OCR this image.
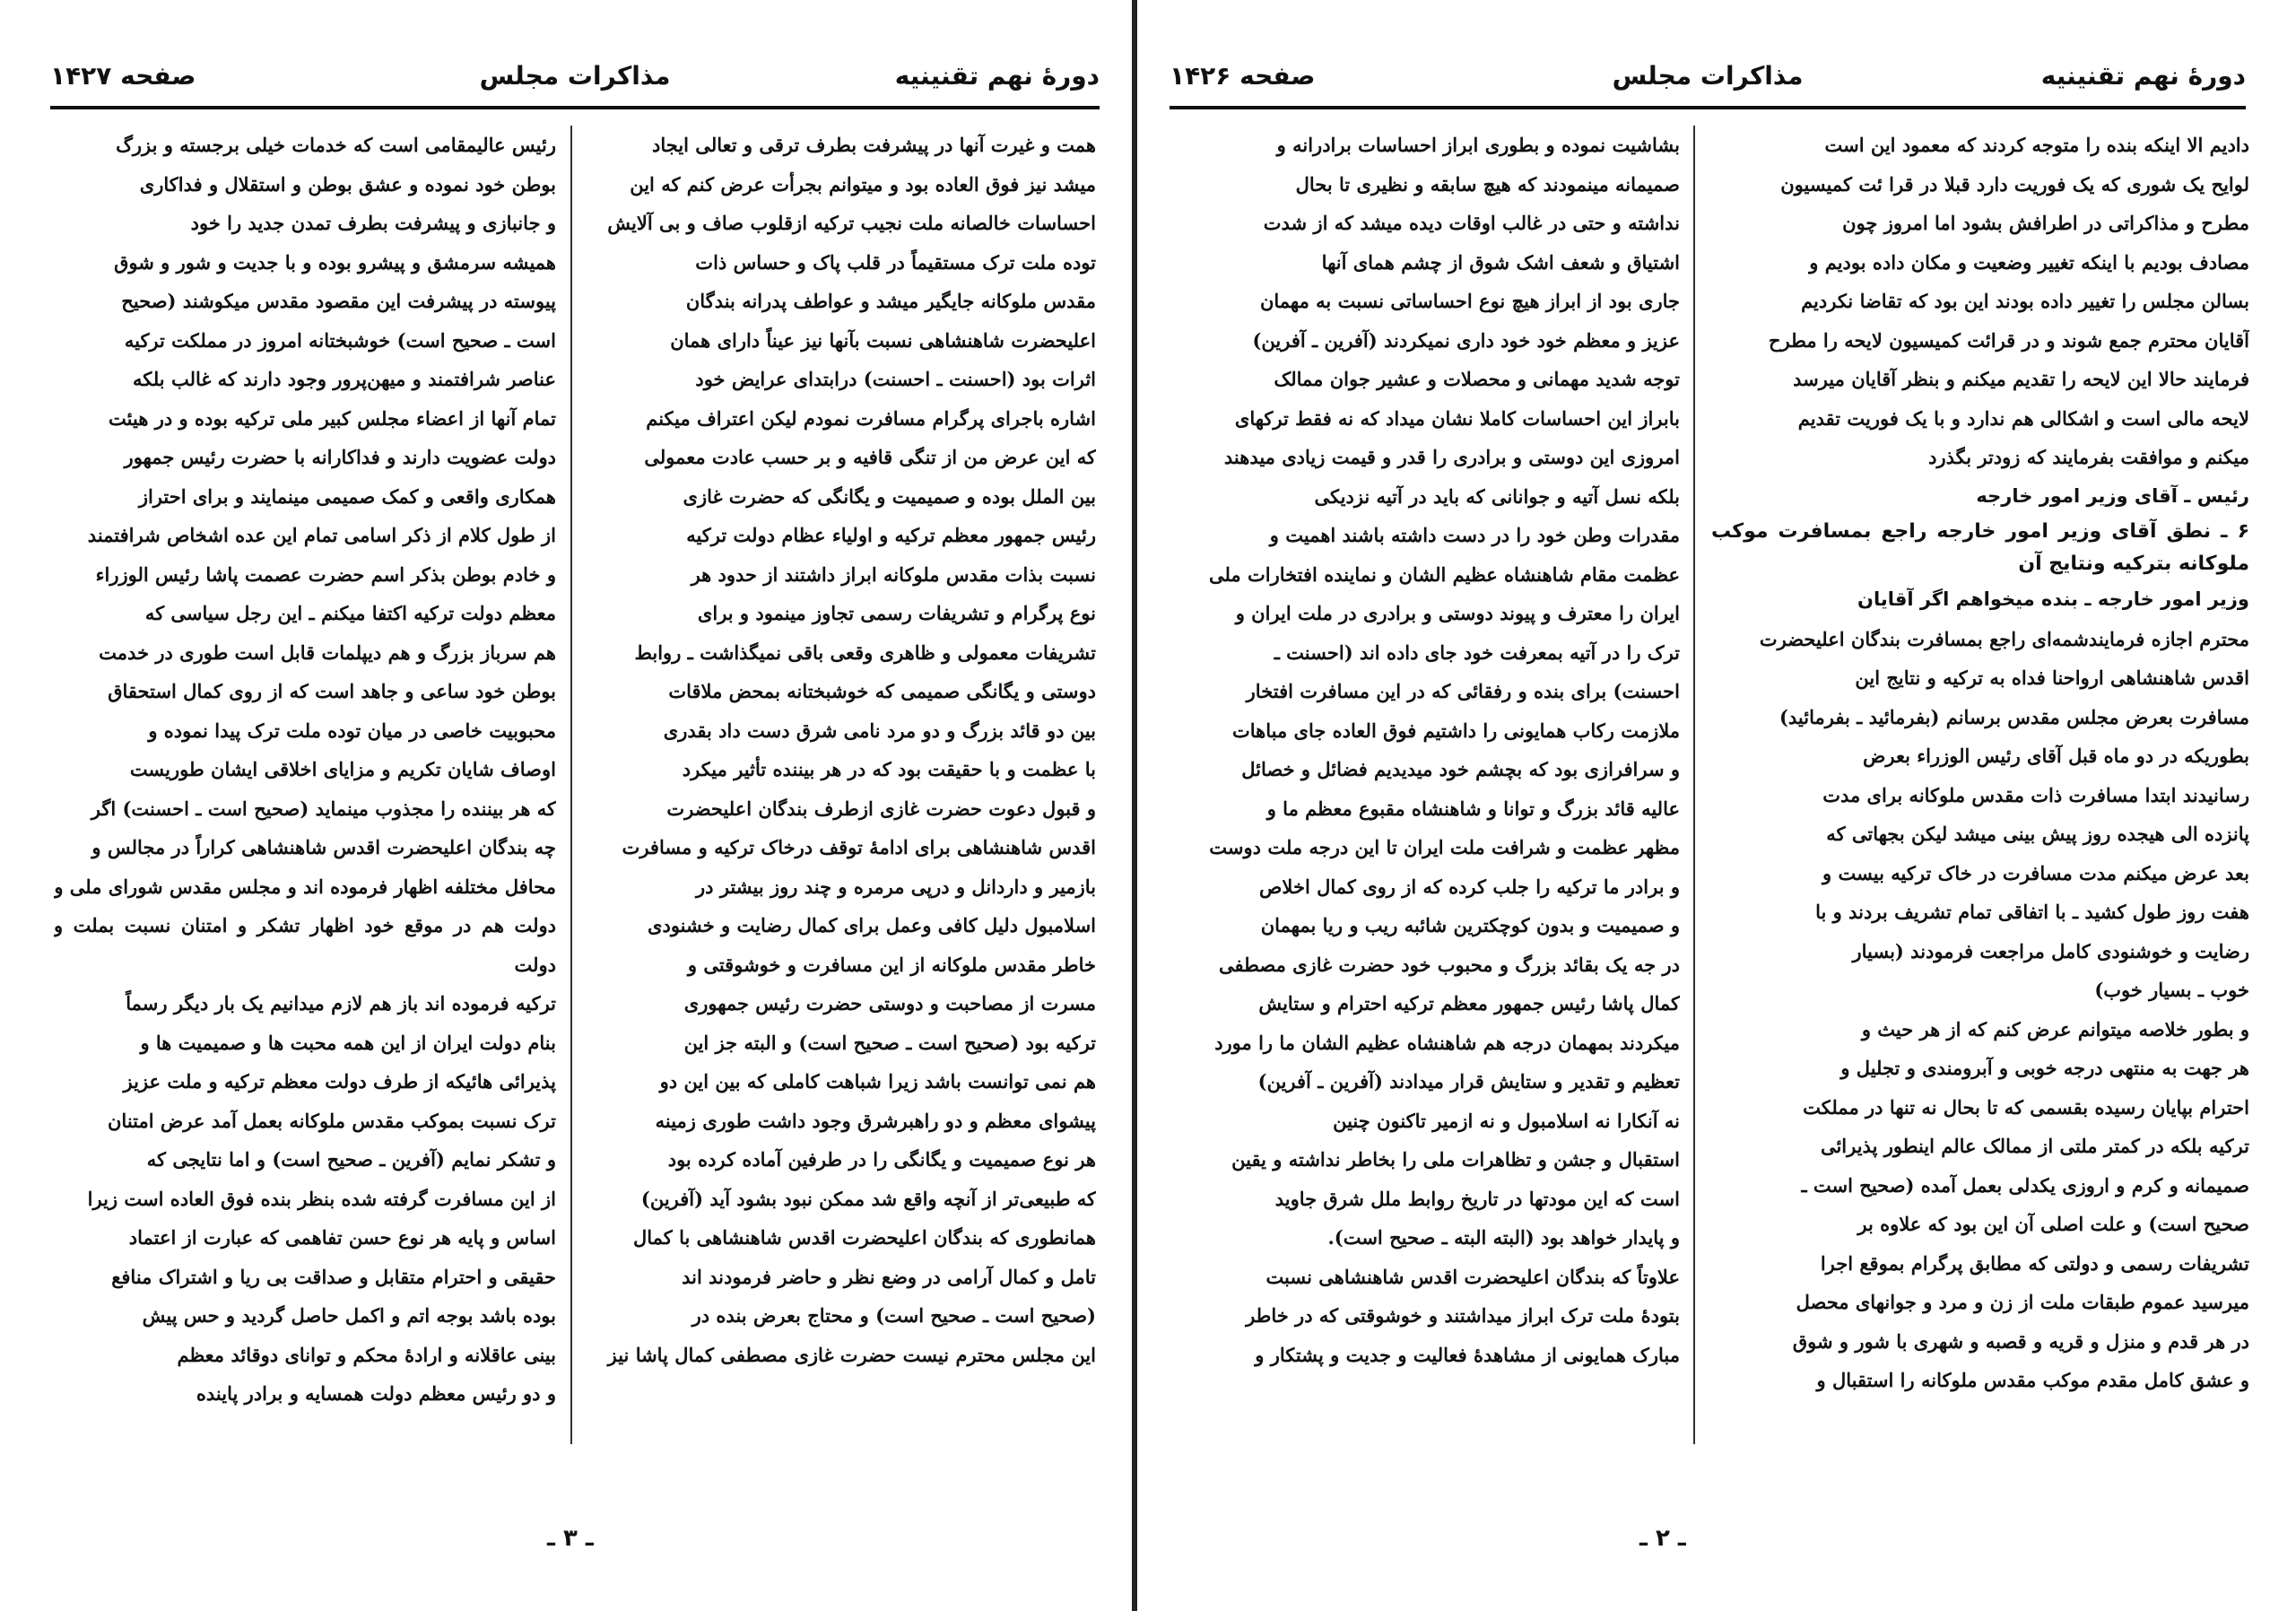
دورهٔ نهم تقنینیه
مذاکرات مجلس
صفحه ۱۴۲۷

همت و غیرت آنها در پیشرفت بطرف ترقی و تعالی ایجاد

میشد نیز فوق العاده بود و میتوانم بجرأت عرض کنم که این

احساسات خالصانه ملت نجیب ترکیه ازقلوب صاف و بی آلایش

توده ملت ترک مستقیماً در قلب پاک و حساس ذات

مقدس ملوکانه جایگیر میشد و عواطف پدرانه بندگان

اعلیحضرت شاهنشاهی نسبت بآنها نیز عیناً دارای همان

اثرات بود (احسنت ـ احسنت) درابتدای عرایض خود

اشاره باجرای پرگرام مسافرت نمودم لیکن اعتراف میکنم

که این عرض من از تنگی قافیه و بر حسب عادت معمولی

بین الملل بوده و صمیمیت و یگانگی که حضرت غازی

رئیس جمهور معظم ترکیه و اولیاء عظام دولت ترکیه

نسبت بذات مقدس ملوکانه ابراز داشتند از حدود هر

نوع پرگرام و تشریفات رسمی تجاوز مینمود و برای

تشریفات معمولی و ظاهری وقعی باقی نمیگذاشت ـ روابط

دوستی و یگانگی صمیمی که خوشبختانه بمحض ملاقات

بین دو قائد بزرگ و دو مرد نامی شرق دست داد بقدری

با عظمت و با حقیقت بود که در هر بیننده تأثیر میکرد

و قبول دعوت حضرت غازی ازطرف بندگان اعلیحضرت

اقدس شاهنشاهی برای ادامهٔ توقف درخاک ترکیه و مسافرت

بازمیر و داردانل و درپی مرمره و چند روز بیشتر در

اسلامبول دلیل کافی وعمل برای کمال رضایت و خشنودی

خاطر مقدس ملوکانه از این مسافرت و خوشوقتی و

مسرت از مصاحبت و دوستی حضرت رئیس جمهوری

ترکیه بود (صحیح است ـ صحیح است) و البته جز این

هم نمی توانست باشد زیرا شباهت کاملی که بین این دو

پیشوای معظم و دو راهبرشرق وجود داشت طوری زمینه

هر نوع صمیمیت و یگانگی را در طرفین آماده کرده بود

که طبیعی‌تر از آنچه واقع شد ممکن نبود بشود آید (آفرین)

همانطوری که بندگان اعلیحضرت اقدس شاهنشاهی با کمال

تامل و کمال آرامی در وضع نظر و حاضر فرمودند اند

(صحیح است ـ صحیح است) و محتاج بعرض بنده در

این مجلس محترم نیست حضرت غازی مصطفی کمال پاشا نیز

رئیس عالیمقامی است که خدمات خیلی برجسته و بزرگ

بوطن خود نموده و عشق بوطن و استقلال و فداکاری

و جانبازی و پیشرفت بطرف تمدن جدید را خود

همیشه سرمشق و پیشرو بوده و با جدیت و شور و شوق

پیوسته در پیشرفت این مقصود مقدس میکوشند (صحیح

است ـ صحیح است) خوشبختانه امروز در مملکت ترکیه

عناصر شرافتمند و میهن‌پرور وجود دارند که غالب بلکه

تمام آنها از اعضاء مجلس کبیر ملی ترکیه بوده و در هیئت

دولت عضویت دارند و فداکارانه با حضرت رئیس جمهور

همکاری واقعی و کمک صمیمی مینمایند و برای احتراز

از طول کلام از ذکر اسامی تمام این عده اشخاص شرافتمند

و خادم بوطن بذکر اسم حضرت عصمت پاشا رئیس الوزراء

معظم دولت ترکیه اکتفا میکنم ـ این رجل سیاسی که

هم سرباز بزرگ و هم دیپلمات قابل است طوری در خدمت

بوطن خود ساعی و جاهد است که از روی کمال استحقاق

محبوبیت خاصی در میان توده ملت ترک پیدا نموده و

اوصاف شایان تکریم و مزایای اخلاقی ایشان طوریست

که هر بیننده را مجذوب مینماید (صحیح است ـ احسنت) اگر

چه بندگان اعلیحضرت اقدس شاهنشاهی کراراً در مجالس و

محافل مختلفه اظهار فرموده اند و مجلس مقدس شورای ملی و

دولت هم در موقع خود اظهار تشکر و امتنان نسبت بملت و دولت

ترکیه فرموده اند باز هم لازم میدانیم یک بار دیگر رسماً

بنام دولت ایران از این همه محبت ها و صمیمیت ها و

پذیرائی هائیکه از طرف دولت معظم ترکیه و ملت عزیز

ترک نسبت بموکب مقدس ملوکانه بعمل آمد عرض امتنان

و تشکر نمایم (آفرین ـ صحیح است) و اما نتایجی که

از این مسافرت گرفته شده بنظر بنده فوق العاده است زیرا

اساس و پایه هر نوع حسن تفاهمی که عبارت از اعتماد

حقیقی و احترام متقابل و صداقت بی ریا و اشتراک منافع

بوده باشد بوجه اتم و اکمل حاصل گردید و حس پیش

بینی عاقلانه و ارادهٔ محکم و توانای دوقائد معظم

و دو رئیس معظم دولت همسایه و برادر پاینده

ـ ۳ ـ
دورهٔ نهم تقنینیه
مذاکرات مجلس
صفحه ۱۴۲۶

دادیم الا اینکه بنده را متوجه کردند که معمود این است

لوایح یک شوری که یک فوریت دارد قبلا در قرا ئت کمیسیون

مطرح و مذاکراتی در اطرافش بشود اما امروز چون

مصادف بودیم با اینکه تغییر وضعیت و مکان داده بودیم و

بسالن مجلس را تغییر داده بودند این بود که تقاضا نکردیم

آقایان محترم جمع شوند و در قرائت کمیسیون لایحه را مطرح

فرمایند حالا این لایحه را تقدیم میکنم و بنظر آقایان میرسد

لایحه مالی است و اشکالی هم ندارد و با یک فوریت تقدیم

میکنم و موافقت بفرمایند که زودتر بگذرد

رئیس ـ آقای وزیر امور خارجه

۶ ـ نطق آقای وزیر امور خارجه راجع بمسافرت موکب ملوکانه بترکیه ونتایج آن

وزیر امور خارجه ـ بنده میخواهم اگر آقایان

محترم اجازه فرمایندشمه‌ای راجع بمسافرت بندگان اعلیحضرت

اقدس شاهنشاهی ارواحنا فداه به ترکیه و نتایج این

مسافرت بعرض مجلس مقدس برسانم (بفرمائید ـ بفرمائید)

بطوریکه در دو ماه قبل آقای رئیس الوزراء بعرض

رسانیدند ابتدا مسافرت ذات مقدس ملوکانه برای مدت

پانزده الی هیجده روز پیش بینی میشد لیکن بجهاتی که

بعد عرض میکنم مدت مسافرت در خاک ترکیه بیست و

هفت روز طول کشید ـ با اتفاقی تمام تشریف بردند و با

رضایت و خوشنودی کامل مراجعت فرمودند (بسیار

خوب ـ بسیار خوب)

و بطور خلاصه میتوانم عرض کنم که از هر حیث و

هر جهت به منتهی درجه خوبی و آبرومندی و تجلیل و

احترام بپایان رسیده بقسمی که تا بحال نه تنها در مملکت

ترکیه بلکه در کمتر ملتی از ممالک عالم اینطور پذیرائی

صمیمانه و کرم و اروزی یکدلی بعمل آمده (صحیح است ـ

صحیح است) و علت اصلی آن این بود که علاوه بر

تشریفات رسمی و دولتی که مطابق پرگرام بموقع اجرا

میرسید عموم طبقات ملت از زن و مرد و جوانهای محصل

در هر قدم و منزل و قریه و قصبه و شهری با شور و شوق

و عشق کامل مقدم موکب مقدس ملوکانه را استقبال و

بشاشیت نموده و بطوری ابراز احساسات برادرانه و

صمیمانه مینمودند که هیچ سابقه و نظیری تا بحال

نداشته و حتی در غالب اوقات دیده میشد که از شدت

اشتیاق و شعف اشک شوق از چشم همای آنها

جاری بود از ابراز هیچ نوع احساساتی نسبت به مهمان

عزیز و معظم خود خود داری نمیکردند (آفرین ـ آفرین)

توجه شدید مهمانی و محصلات و عشیر جوان ممالک

بابراز این احساسات کاملا نشان میداد که نه فقط ترکهای

امروزی این دوستی و برادری را قدر و قیمت زیادی میدهند

بلکه نسل آتیه و جوانانی که باید در آتیه نزدیکی

مقدرات وطن خود را در دست داشته باشند اهمیت و

عظمت مقام شاهنشاه عظیم الشان و نماینده افتخارات ملی

ایران را معترف و پیوند دوستی و برادری در ملت ایران و

ترک را در آتیه بمعرفت خود جای داده اند (احسنت ـ

احسنت) برای بنده و رفقائی که در این مسافرت افتخار

ملازمت رکاب همایونی را داشتیم فوق العاده جای مباهات

و سرافرازی بود که بچشم خود میدیدیم فضائل و خصائل

عالیه قائد بزرگ و توانا و شاهنشاه مقبوع معظم ما و

مظهر عظمت و شرافت ملت ایران تا این درجه ملت دوست

و برادر ما ترکیه را جلب کرده که از روی کمال اخلاص

و صمیمیت و بدون کوچکترین شائبه ریب و ریا بمهمان

در جه یک بقائد بزرگ و محبوب خود حضرت غازی مصطفی

کمال پاشا رئیس جمهور معظم ترکیه احترام و ستایش

میکردند بمهمان درجه هم شاهنشاه عظیم الشان ما را مورد

تعظیم و تقدیر و ستایش قرار میدادند (آفرین ـ آفرین)

نه آنکارا نه اسلامبول و نه ازمیر تاکنون چنین

استقبال و جشن و تظاهرات ملی را بخاطر نداشته و یقین

است که این مودتها در تاریخ روابط ملل شرق جاوید

و پایدار خواهد بود (البته البته ـ صحیح است).

علاوتاً که بندگان اعلیحضرت اقدس شاهنشاهی نسبت

بتودهٔ ملت ترک ابراز میداشتند و خوشوقتی که در خاطر

مبارک همایونی از مشاهدهٔ فعالیت و جدیت و پشتکار و

ـ ۲ ـ
